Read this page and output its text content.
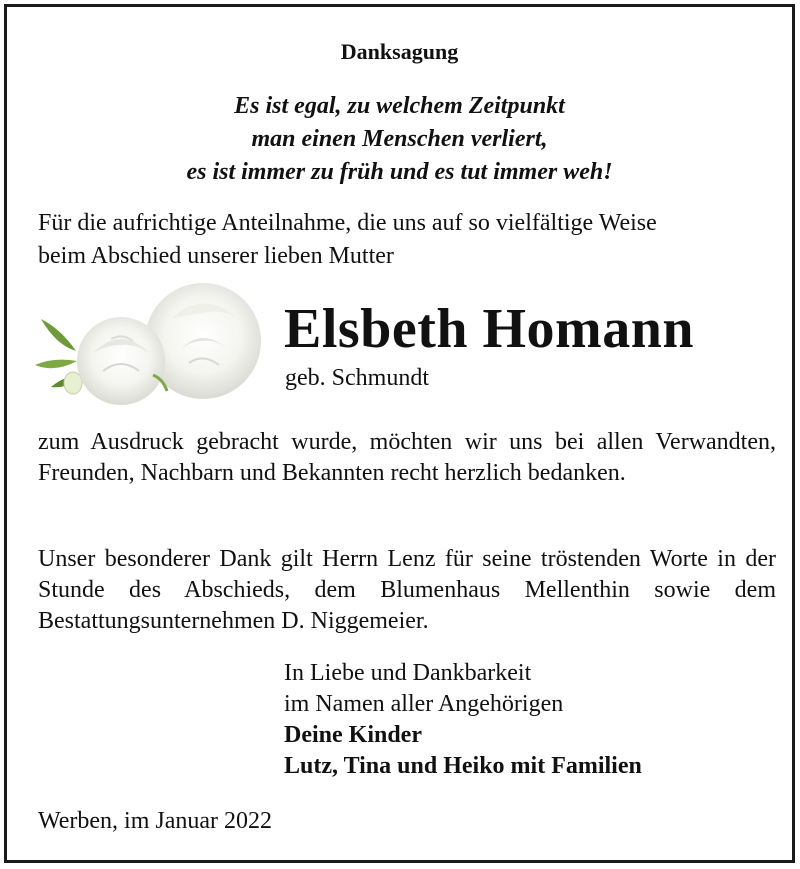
Danksagung
Es ist egal, zu welchem Zeitpunkt
man einen Menschen verliert,
es ist immer zu früh und es tut immer weh!
Für die aufrichtige Anteilnahme, die uns auf so vielfältige Weise
beim Abschied unserer lieben Mutter
Elsbeth Homann
geb. Schmundt
zum Ausdruck gebracht wurde, möchten wir uns bei allen Verwandten, Freunden, Nachbarn und Bekannten recht herzlich bedanken.
Unser besonderer Dank gilt Herrn Lenz für seine tröstenden Worte in der Stunde des Abschieds, dem Blumenhaus Mellenthin sowie dem Bestattungsunternehmen D. Niggemeier.
In Liebe und Dankbarkeit
im Namen aller Angehörigen
Deine Kinder
Lutz, Tina und Heiko mit Familien
Werben, im Januar 2022
